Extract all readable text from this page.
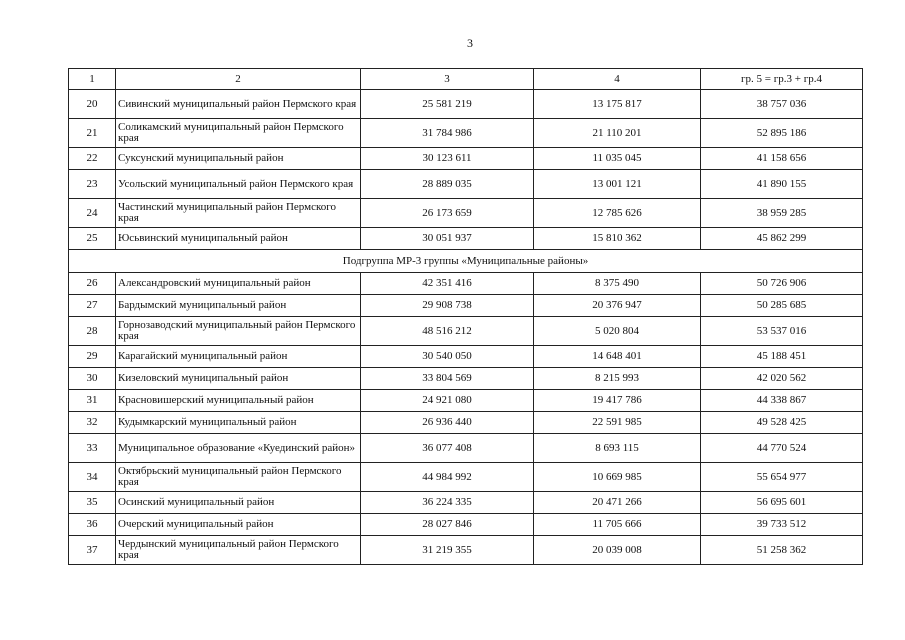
3
1	2	3	4	гр. 5 = гр.3 + гр.4
20	Сивинский муниципальный район Пермского края	25 581 219	13 175 817	38 757 036
21	Соликамский муниципальный район Пермского края	31 784 986	21 110 201	52 895 186
22	Суксунский муниципальный район	30 123 611	11 035 045	41 158 656
23	Усольский муниципальный район Пермского края	28 889 035	13 001 121	41 890 155
24	Частинский муниципальный район Пермского края	26 173 659	12 785 626	38 959 285
25	Юсьвинский муниципальный район	30 051 937	15 810 362	45 862 299
Подгруппа МР-3 группы «Муниципальные районы»				
26	Александровский муниципальный район	42 351 416	8 375 490	50 726 906
27	Бардымский муниципальный район	29 908 738	20 376 947	50 285 685
28	Горнозаводский муниципальный район Пермского края	48 516 212	5 020 804	53 537 016
29	Карагайский муниципальный район	30 540 050	14 648 401	45 188 451
30	Кизеловский муниципальный район	33 804 569	8 215 993	42 020 562
31	Красновишерский муниципальный район	24 921 080	19 417 786	44 338 867
32	Кудымкарский муниципальный район	26 936 440	22 591 985	49 528 425
33	Муниципальное образование «Куединский район»	36 077 408	8 693 115	44 770 524
34	Октябрьский муниципальный район Пермского края	44 984 992	10 669 985	55 654 977
35	Осинский муниципальный район	36 224 335	20 471 266	56 695 601
36	Очерский муниципальный район	28 027 846	11 705 666	39 733 512
37	Чердынский муниципальный район Пермского края	31 219 355	20 039 008	51 258 362
